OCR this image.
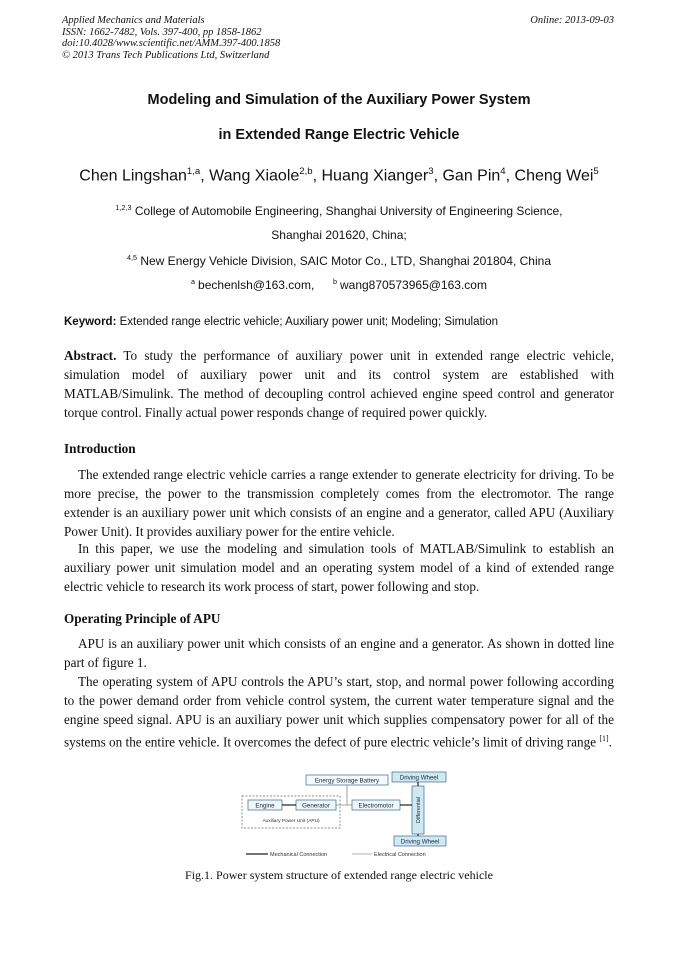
Applied Mechanics and Materials
ISSN: 1662-7482, Vols. 397-400, pp 1858-1862
doi:10.4028/www.scientific.net/AMM.397-400.1858
© 2013 Trans Tech Publications Ltd, Switzerland
Online: 2013-09-03
Modeling and Simulation of the Auxiliary Power System
in Extended Range Electric Vehicle
Chen Lingshan$^{1,a}$, Wang Xiaole$^{2,b}$, Huang Xianger$^3$, Gan Pin$^4$, Cheng Wei$^5$
$^{1,2,3}$ College of Automobile Engineering, Shanghai University of Engineering Science,
Shanghai 201620, China;
$^{4,5}$ New Energy Vehicle Division, SAIC Motor Co., LTD, Shanghai 201804, China
$^a$ bechenlsh@163.com,	$^b$ wang870573965@163.com
Keyword: Extended range electric vehicle; Auxiliary power unit; Modeling; Simulation
Abstract. To study the performance of auxiliary power unit in extended range electric vehicle, simulation model of auxiliary power unit and its control system are established with MATLAB/Simulink. The method of decoupling control achieved engine speed control and generator torque control. Finally actual power responds change of required power quickly.
Introduction
The extended range electric vehicle carries a range extender to generate electricity for driving. To be more precise, the power to the transmission completely comes from the electromotor. The range extender is an auxiliary power unit which consists of an engine and a generator, called APU (Auxiliary Power Unit). It provides auxiliary power for the entire vehicle.
In this paper, we use the modeling and simulation tools of MATLAB/Simulink to establish an auxiliary power unit simulation model and an operating system model of a kind of extended range electric vehicle to research its work process of start, power following and stop.
Operating Principle of APU
APU is an auxiliary power unit which consists of an engine and a generator. As shown in dotted line part of figure 1.
The operating system of APU controls the APU’s start, stop, and normal power following according to the power demand order from vehicle control system, the current water temperature signal and the engine speed signal. APU is an auxiliary power unit which supplies compensatory power for all of the systems on the entire vehicle. It overcomes the defect of pure electric vehicle’s limit of driving range [1].
Energy Storage Battery	Driving Wheel
Engine	Generator
Auxiliary Power Unit (APU)
Electromotor	Differential
Driving Wheel
Mechanical Connection	Electrical Connection
Fig.1. Power system structure of extended range electric vehicle
